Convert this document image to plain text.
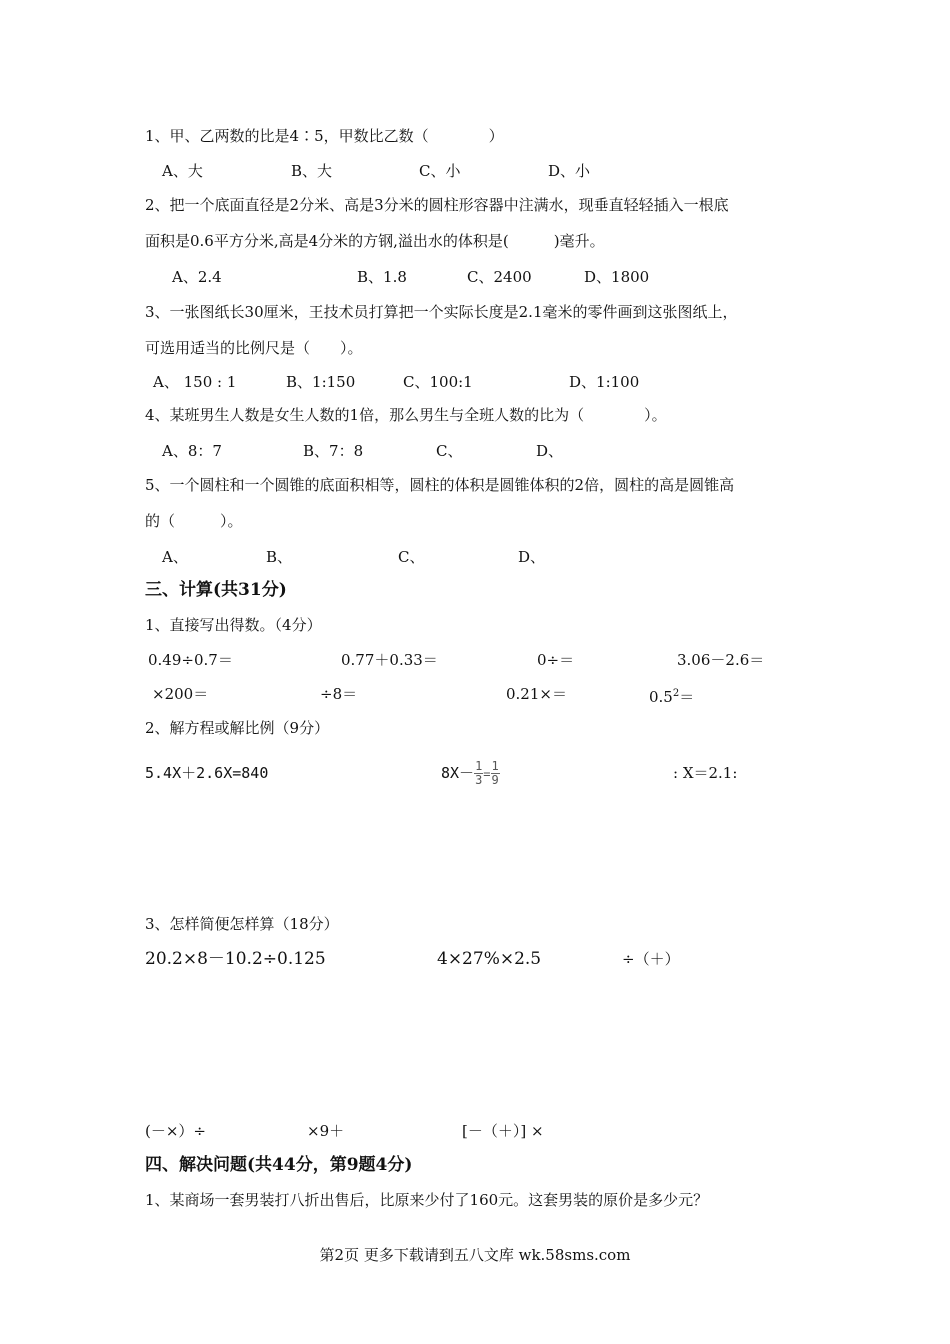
1、甲、乙两数的比是4∶5，甲数比乙数（　　　　）
A、大	B、大	C、小	D、小
2、把一个底面直径是2分米、高是3分米的圆柱形容器中注满水，现垂直轻轻插入一根底
面积是0.6平方分米,高是4分米的方钢,溢出水的体积是(　　　)毫升。
A、2.4	B、1.8	C、2400	D、1800
3、一张图纸长30厘米，王技术员打算把一个实际长度是2.1毫米的零件画到这张图纸上，
可选用适当的比例尺是（　　）。
A、 150 : 1	B、1:150	C、100:1	D、1:100
4、某班男生人数是女生人数的1倍，那么男生与全班人数的比为（　　　　）。
A、8：7	B、7：8	C、	D、
5、一个圆柱和一个圆锥的底面积相等，圆柱的体积是圆锥体积的2倍，圆柱的高是圆锥高
的（　　　）。
A、	B、	C、	D、
三、计算(共31分)
1、直接写出得数。（4分）
0.49÷0.7＝	0.77＋0.33＝	0÷＝	3.06－2.6＝
×200＝	÷8＝	0.21×＝	$0.5^2=$
2、解方程或解比例（9分）
5.4X＋2.6X=840	$8X- \frac{1}{3} = \frac{1}{9}$	: X＝2.1:
3、怎样简便怎样算（18分）
20.2×8－10.2÷0.125	4×27%×2.5	÷（＋）
(－×）÷	×9＋	[－（＋）] ×
四、解决问题(共44分，第9题4分)
1、某商场一套男装打八折出售后，比原来少付了160元。这套男装的原价是多少元？
第2页 更多下载请到五八文库 wk.58sms.com
